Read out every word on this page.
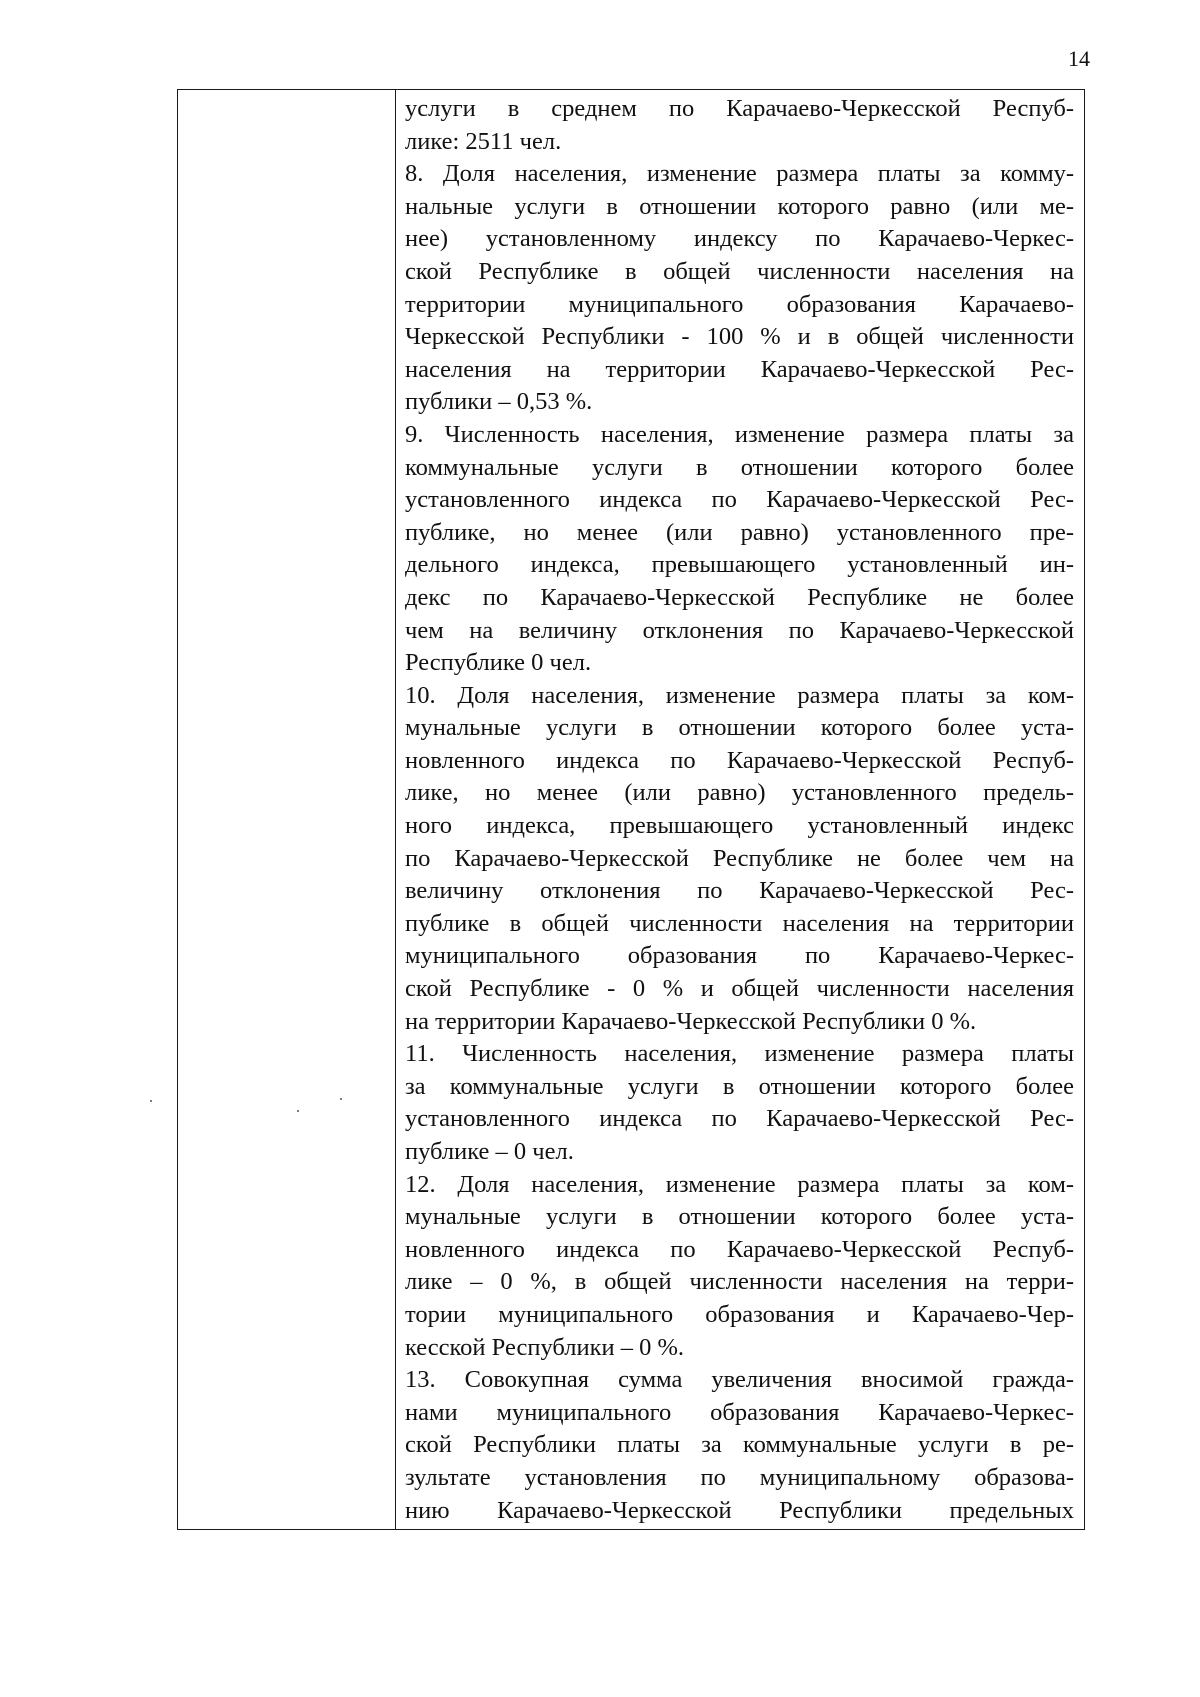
14
услуги в среднем по Карачаево-Черкесской Респуб-
лике: 2511 чел.
8. Доля населения, изменение размера платы за комму-
нальные услуги в отношении которого равно (или ме-
нее) установленному индексу по Карачаево-Черкес-
ской Республике в общей численности населения на
территории муниципального образования Карачаево-
Черкесской Республики - 100 % и в общей численности
населения на территории Карачаево-Черкесской Рес-
публики – 0,53 %.
9. Численность населения, изменение размера платы за
коммунальные услуги в отношении которого более
установленного индекса по Карачаево-Черкесской Рес-
публике, но менее (или равно) установленного пре-
дельного индекса, превышающего установленный ин-
декс по Карачаево-Черкесской Республике не более
чем на величину отклонения по Карачаево-Черкесской
Республике 0 чел.
10. Доля населения, изменение размера платы за ком-
мунальные услуги в отношении которого более уста-
новленного индекса по Карачаево-Черкесской Респуб-
лике, но менее (или равно) установленного предель-
ного индекса, превышающего установленный индекс
по Карачаево-Черкесской Республике не более чем на
величину отклонения по Карачаево-Черкесской Рес-
публике в общей численности населения на территории
муниципального образования по Карачаево-Черкес-
ской Республике - 0 % и общей численности населения
на территории Карачаево-Черкесской Республики 0 %.
11. Численность населения, изменение размера платы
за коммунальные услуги в отношении которого более
установленного индекса по Карачаево-Черкесской Рес-
публике – 0 чел.
12. Доля населения, изменение размера платы за ком-
мунальные услуги в отношении которого более уста-
новленного индекса по Карачаево-Черкесской Респуб-
лике – 0 %, в общей численности населения на терри-
тории муниципального образования и Карачаево-Чер-
кесской Республики – 0 %.
13. Совокупная сумма увеличения вносимой гражда-
нами муниципального образования Карачаево-Черкес-
ской Республики платы за коммунальные услуги в ре-
зультате установления по муниципальному образова-
нию Карачаево-Черкесской Республики предельных
